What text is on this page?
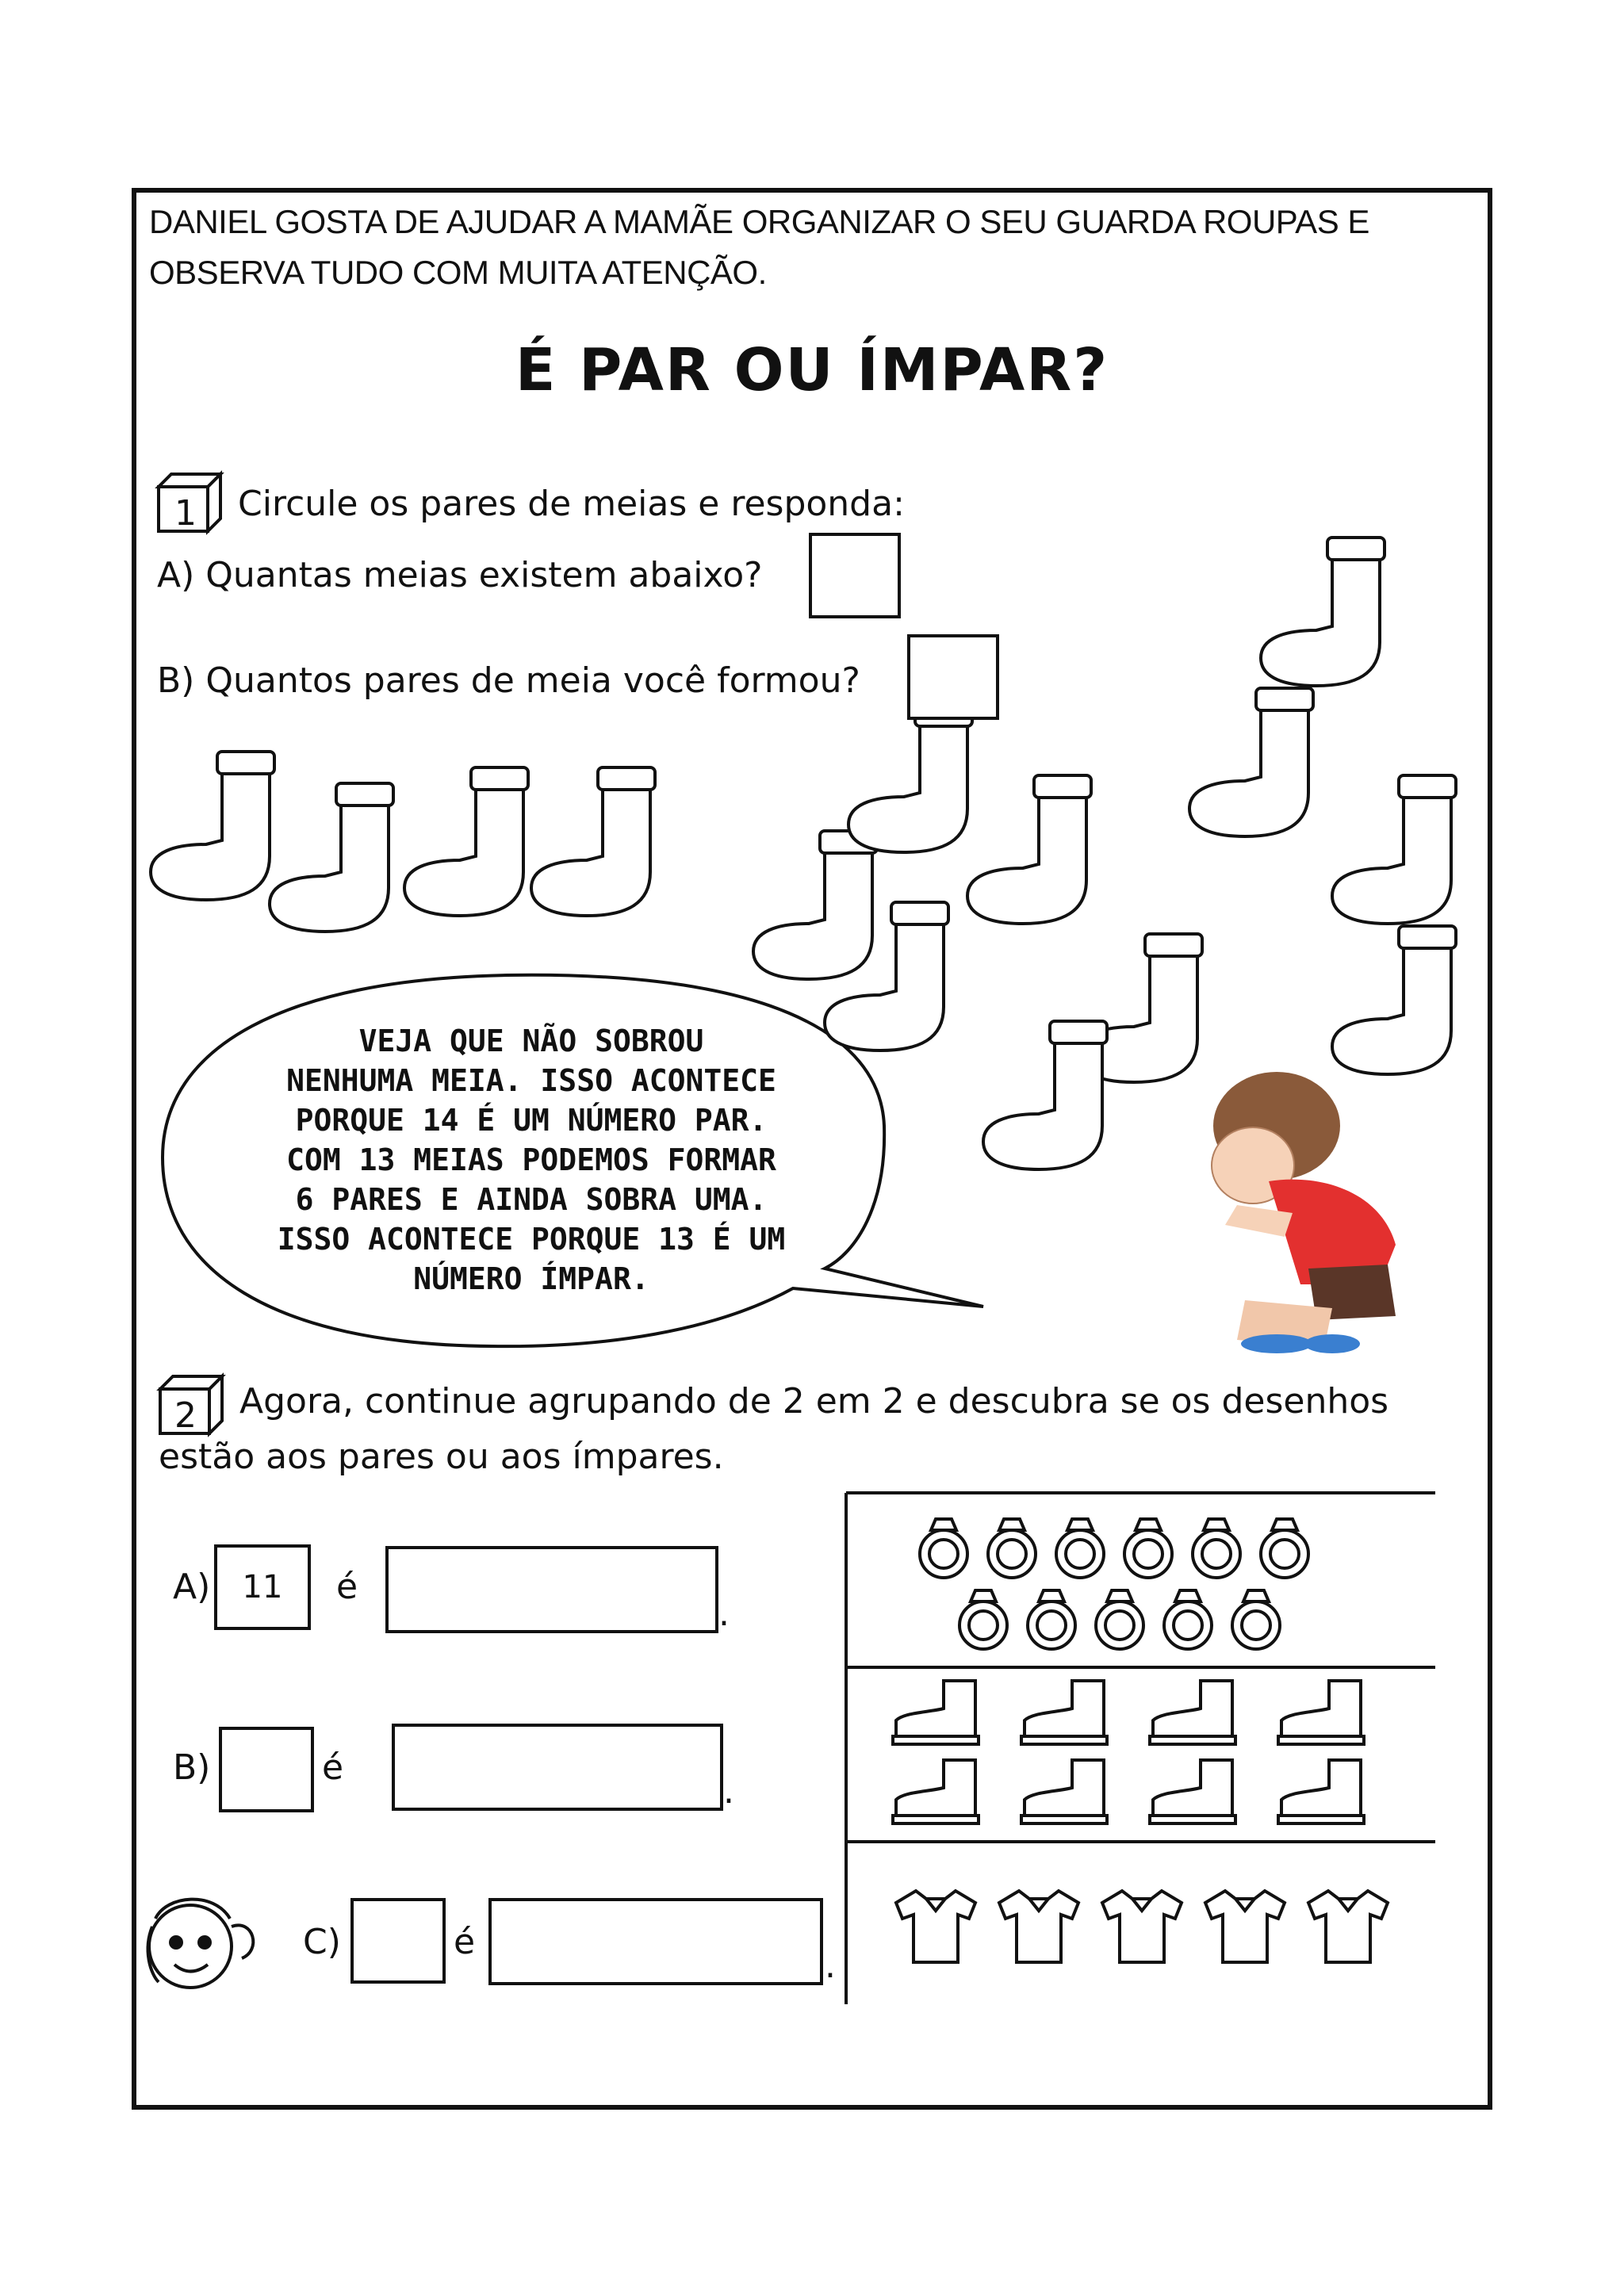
DANIEL GOSTA DE AJUDAR A MAMÃE ORGANIZAR O SEU GUARDA ROUPAS E
OBSERVA TUDO COM MUITA ATENÇÃO.
É PAR OU ÍMPAR?
1
2
Circule os pares de meias e responda:
A) Quantas meias existem abaixo?
B) Quantos pares de meia você formou?
VEJA QUE NÃO SOBROU
NENHUMA MEIA. ISSO ACONTECE
PORQUE 14 É UM NÚMERO PAR.
COM 13 MEIAS PODEMOS FORMAR
6 PARES E AINDA SOBRA UMA.
ISSO ACONTECE PORQUE 13 É UM
NÚMERO ÍMPAR.
Agora, continue agrupando de 2 em 2 e descubra se os desenhos
estão aos pares ou aos ímpares.
A)	11	é
.
B)	é
.
C)	é
.
